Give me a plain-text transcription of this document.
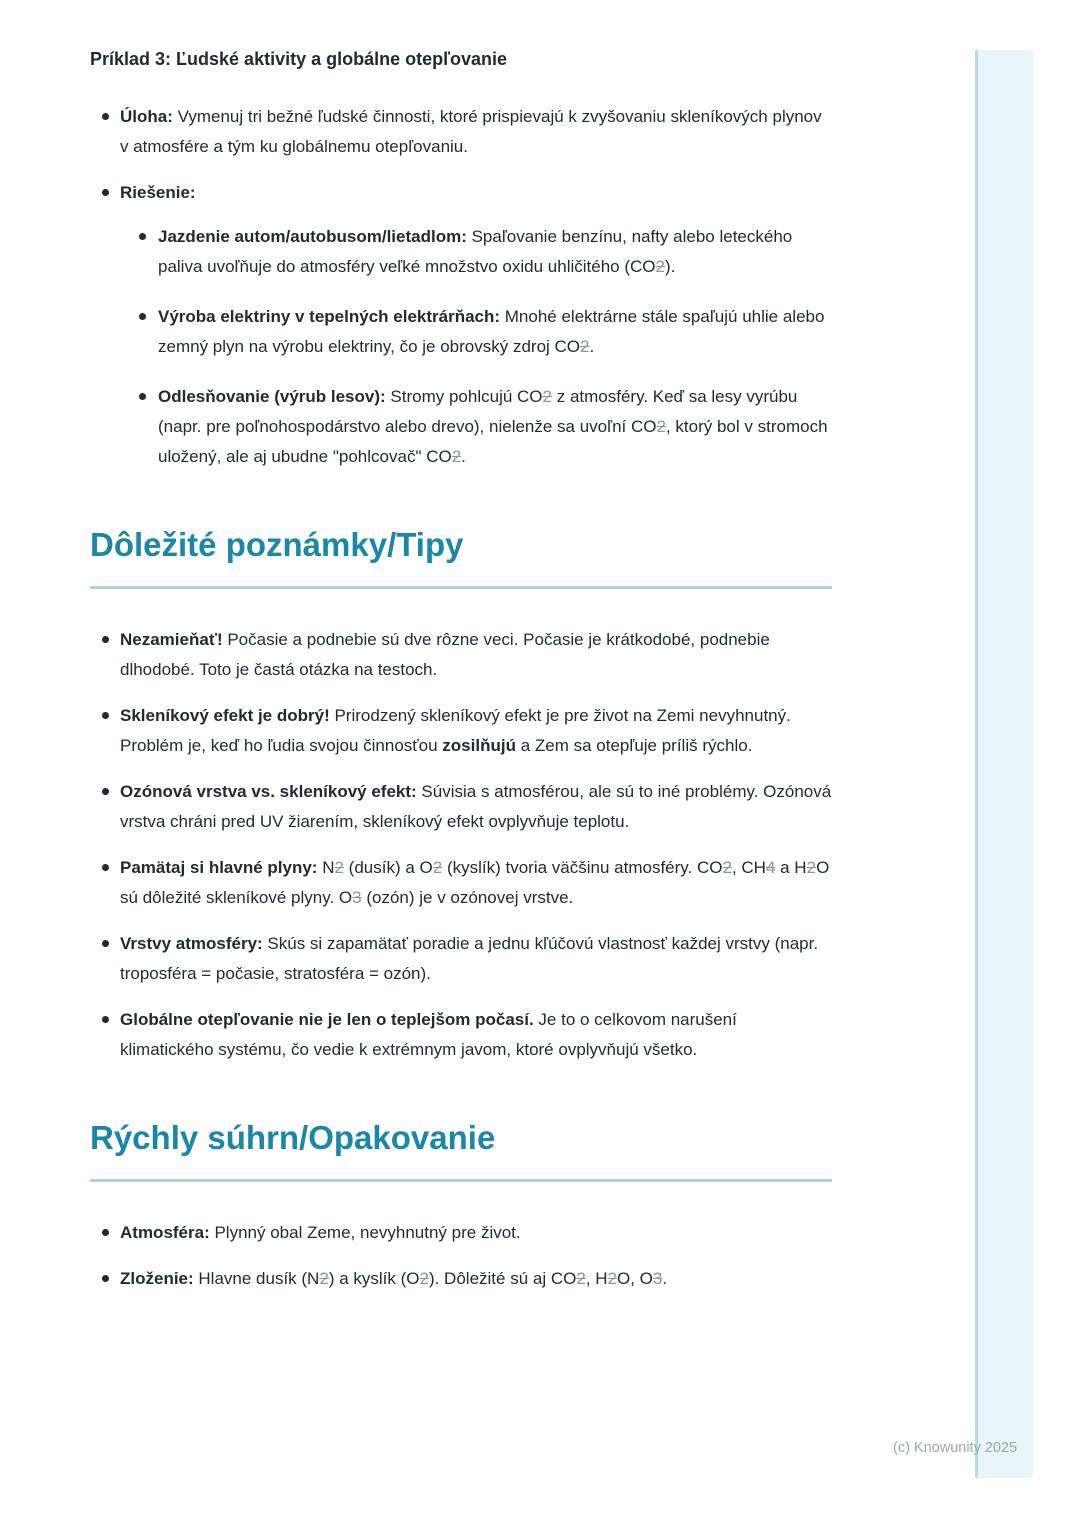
Príklad 3: Ľudské aktivity a globálne otepľovanie
Úloha: Vymenuj tri bežné ľudské činnosti, ktoré prispievajú k zvyšovaniu skleníkových plynov v atmosfére a tým ku globálnemu otepľovaniu.
Riešenie:
Jazdenie autom/autobusom/lietadlom: Spaľovanie benzínu, nafty alebo leteckého paliva uvoľňuje do atmosféry veľké množstvo oxidu uhličitého (CO2).
Výroba elektriny v tepelných elektrárňach: Mnohé elektrárne stále spaľujú uhlie alebo zemný plyn na výrobu elektriny, čo je obrovský zdroj CO2.
Odlesňovanie (výrub lesov): Stromy pohlcujú CO2 z atmosféry. Keď sa lesy vyrúbu (napr. pre poľnohospodárstvo alebo drevo), nielenže sa uvoľní CO2, ktorý bol v stromoch uložený, ale aj ubudne "pohlcovač" CO2.
Dôležité poznámky/Tipy
Nezamieňať! Počasie a podnebie sú dve rôzne veci. Počasie je krátkodobé, podnebie dlhodobé. Toto je častá otázka na testoch.
Skleníkový efekt je dobrý! Prirodzený skleníkový efekt je pre život na Zemi nevyhnutný. Problém je, keď ho ľudia svojou činnosťou zosilňujú a Zem sa otepľuje príliš rýchlo.
Ozónová vrstva vs. skleníkový efekt: Súvisia s atmosférou, ale sú to iné problémy. Ozónová vrstva chráni pred UV žiarením, skleníkový efekt ovplyvňuje teplotu.
Pamätaj si hlavné plyny: N2 (dusík) a O2 (kyslík) tvoria väčšinu atmosféry. CO2, CH4 a H2O sú dôležité skleníkové plyny. O3 (ozón) je v ozónovej vrstve.
Vrstvy atmosféry: Skús si zapamätať poradie a jednu kľúčovú vlastnosť každej vrstvy (napr. troposféra = počasie, stratosféra = ozón).
Globálne otepľovanie nie je len o teplejšom počasí. Je to o celkovom narušení klimatického systému, čo vedie k extrémnym javom, ktoré ovplyvňujú všetko.
Rýchly súhrn/Opakovanie
Atmosféra: Plynný obal Zeme, nevyhnutný pre život.
Zloženie: Hlavne dusík (N2) a kyslík (O2). Dôležité sú aj CO2, H2O, O3.
(c) Knowunity 2025
